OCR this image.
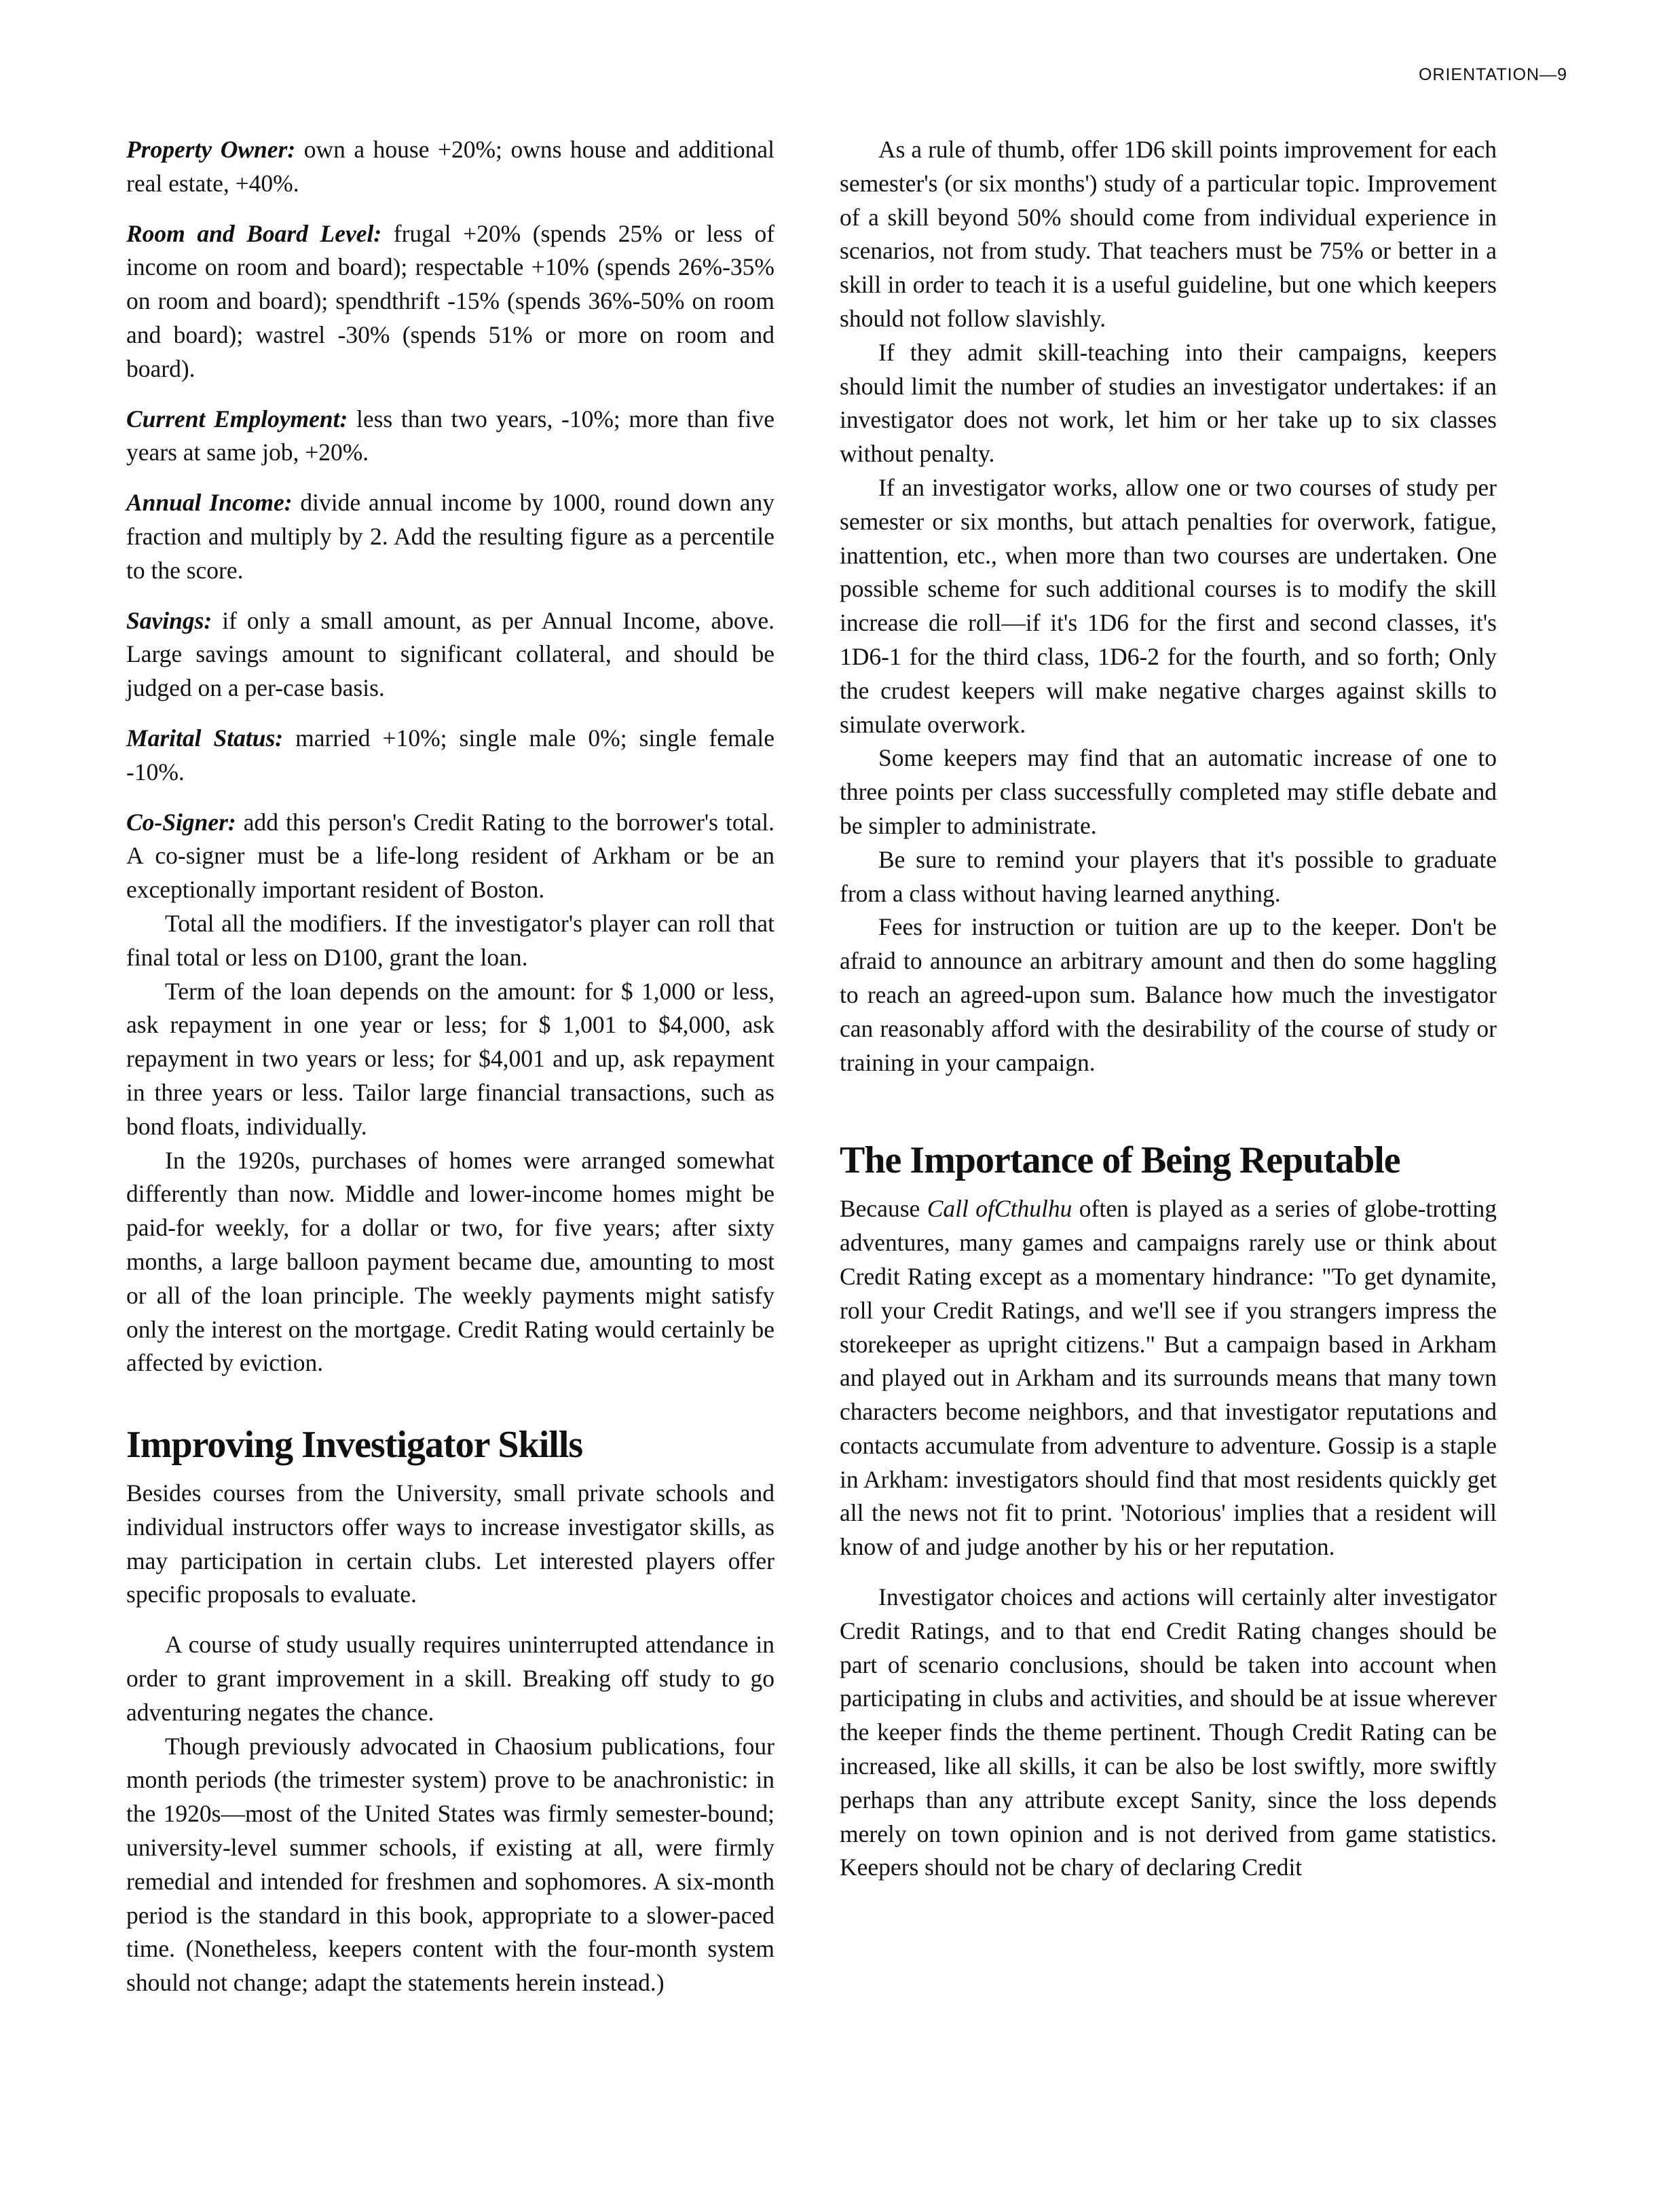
ORIENTATION—9

Property Owner: own a house +20%; owns house and additional real estate, +40%.

Room and Board Level: frugal +20% (spends 25% or less of income on room and board); respectable +10% (spends 26%-35% on room and board); spendthrift -15% (spends 36%-50% on room and board); wastrel -30% (spends 51% or more on room and board).

Current Employment: less than two years, -10%; more than five years at same job, +20%.

Annual Income: divide annual income by 1000, round down any fraction and multiply by 2. Add the resulting figure as a percentile to the score.

Savings: if only a small amount, as per Annual Income, above. Large savings amount to significant collateral, and should be judged on a per-case basis.

Marital Status: married +10%; single male 0%; single female -10%.

Co-Signer: add this person's Credit Rating to the borrower's total. A co-signer must be a life-long resident of Arkham or be an exceptionally important resident of Boston.

Total all the modifiers. If the investigator's player can roll that final total or less on D100, grant the loan.

Term of the loan depends on the amount: for $ 1,000 or less, ask repayment in one year or less; for $ 1,001 to $4,000, ask repayment in two years or less; for $4,001 and up, ask repayment in three years or less. Tailor large financial transactions, such as bond floats, individually.

In the 1920s, purchases of homes were arranged somewhat differently than now. Middle and lower-income homes might be paid-for weekly, for a dollar or two, for five years; after sixty months, a large balloon payment became due, amounting to most or all of the loan principle. The weekly payments might satisfy only the interest on the mortgage. Credit Rating would certainly be affected by eviction.

Improving Investigator Skills

Besides courses from the University, small private schools and individual instructors offer ways to increase investigator skills, as may participation in certain clubs. Let interested players offer specific proposals to evaluate.

A course of study usually requires uninterrupted attendance in order to grant improvement in a skill. Breaking off study to go adventuring negates the chance.

Though previously advocated in Chaosium publications, four month periods (the trimester system) prove to be anachronistic: in the 1920s—most of the United States was firmly semester-bound; university-level summer schools, if existing at all, were firmly remedial and intended for freshmen and sophomores. A six-month period is the standard in this book, appropriate to a slower-paced time. (Nonetheless, keepers content with the four-month system should not change; adapt the statements herein instead.)

As a rule of thumb, offer 1D6 skill points improvement for each semester's (or six months') study of a particular topic. Improvement of a skill beyond 50% should come from individual experience in scenarios, not from study. That teachers must be 75% or better in a skill in order to teach it is a useful guideline, but one which keepers should not follow slavishly.

If they admit skill-teaching into their campaigns, keepers should limit the number of studies an investigator undertakes: if an investigator does not work, let him or her take up to six classes without penalty.

If an investigator works, allow one or two courses of study per semester or six months, but attach penalties for overwork, fatigue, inattention, etc., when more than two courses are undertaken. One possible scheme for such additional courses is to modify the skill increase die roll—if it's 1D6 for the first and second classes, it's 1D6-1 for the third class, 1D6-2 for the fourth, and so forth; Only the crudest keepers will make negative charges against skills to simulate overwork.

Some keepers may find that an automatic increase of one to three points per class successfully completed may stifle debate and be simpler to administrate.

Be sure to remind your players that it's possible to graduate from a class without having learned anything.

Fees for instruction or tuition are up to the keeper. Don't be afraid to announce an arbitrary amount and then do some haggling to reach an agreed-upon sum. Balance how much the investigator can reasonably afford with the desirability of the course of study or training in your campaign.

The Importance of Being Reputable

Because Call ofCthulhu often is played as a series of globe-trotting adventures, many games and campaigns rarely use or think about Credit Rating except as a momentary hindrance: "To get dynamite, roll your Credit Ratings, and we'll see if you strangers impress the storekeeper as upright citizens." But a campaign based in Arkham and played out in Arkham and its surrounds means that many town characters become neighbors, and that investigator reputations and contacts accumulate from adventure to adventure. Gossip is a staple in Arkham: investigators should find that most residents quickly get all the news not fit to print. 'Notorious' implies that a resident will know of and judge another by his or her reputation.

Investigator choices and actions will certainly alter investigator Credit Ratings, and to that end Credit Rating changes should be part of scenario conclusions, should be taken into account when participating in clubs and activities, and should be at issue wherever the keeper finds the theme pertinent. Though Credit Rating can be increased, like all skills, it can be also be lost swiftly, more swiftly perhaps than any attribute except Sanity, since the loss depends merely on town opinion and is not derived from game statistics. Keepers should not be chary of declaring Credit
